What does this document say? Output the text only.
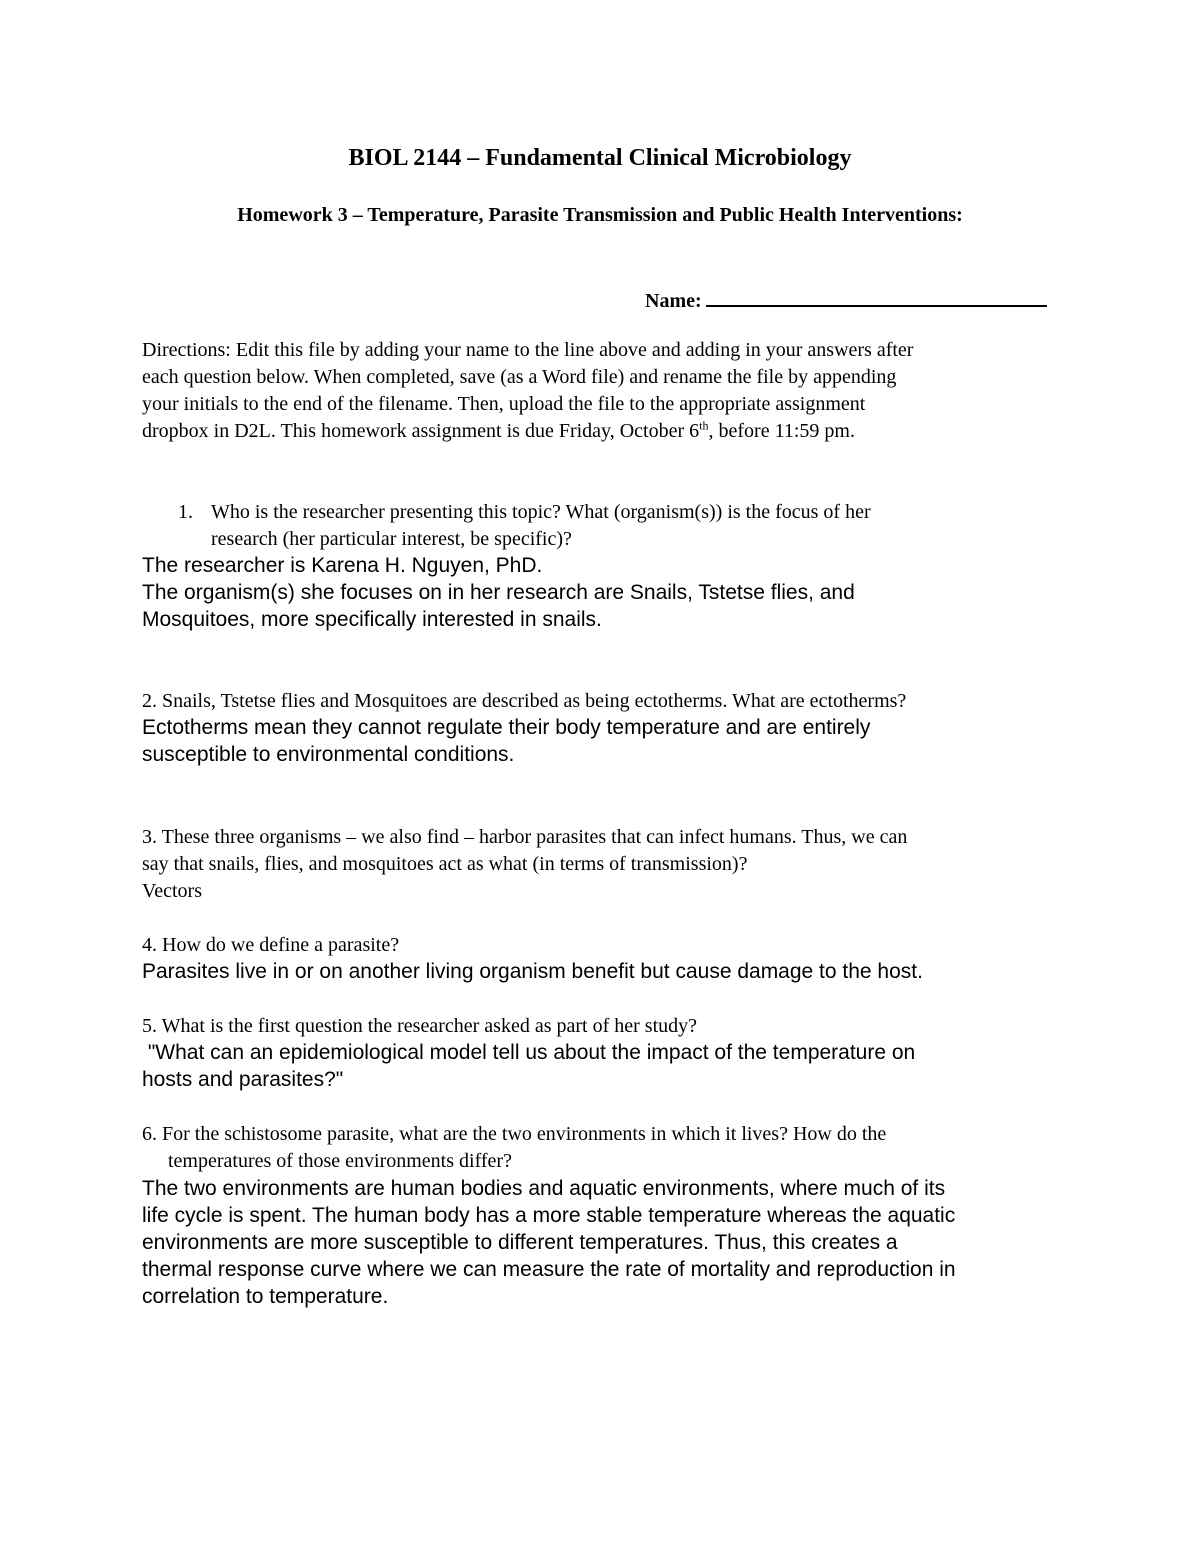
BIOL 2144 – Fundamental Clinical Microbiology
Homework 3 – Temperature, Parasite Transmission and Public Health Interventions:
Name:

Directions: Edit this file by adding your name to the line above and adding in your answers after

each question below. When completed, save (as a Word file) and rename the file by appending

your initials to the end of the filename. Then, upload the file to the appropriate assignment

dropbox in D2L. This homework assignment is due Friday, October 6th, before 11:59 pm.

1. Who is the researcher presenting this topic? What (organism(s)) is the focus of her

research (her particular interest, be specific)?

The researcher is Karena H. Nguyen, PhD.

The organism(s) she focuses on in her research are Snails, Tstetse flies, and

Mosquitoes, more specifically interested in snails.

2. Snails, Tstetse flies and Mosquitoes are described as being ectotherms. What are ectotherms?

Ectotherms mean they cannot regulate their body temperature and are entirely

susceptible to environmental conditions.

3. These three organisms – we also find – harbor parasites that can infect humans. Thus, we can

say that snails, flies, and mosquitoes act as what (in terms of transmission)?

Vectors

4. How do we define a parasite?

Parasites live in or on another living organism benefit but cause damage to the host.

5. What is the first question the researcher asked as part of her study?

"What can an epidemiological model tell us about the impact of the temperature on

hosts and parasites?"

6. For the schistosome parasite, what are the two environments in which it lives? How do the

temperatures of those environments differ?

The two environments are human bodies and aquatic environments, where much of its

life cycle is spent. The human body has a more stable temperature whereas the aquatic

environments are more susceptible to different temperatures. Thus, this creates a

thermal response curve where we can measure the rate of mortality and reproduction in

correlation to temperature.
